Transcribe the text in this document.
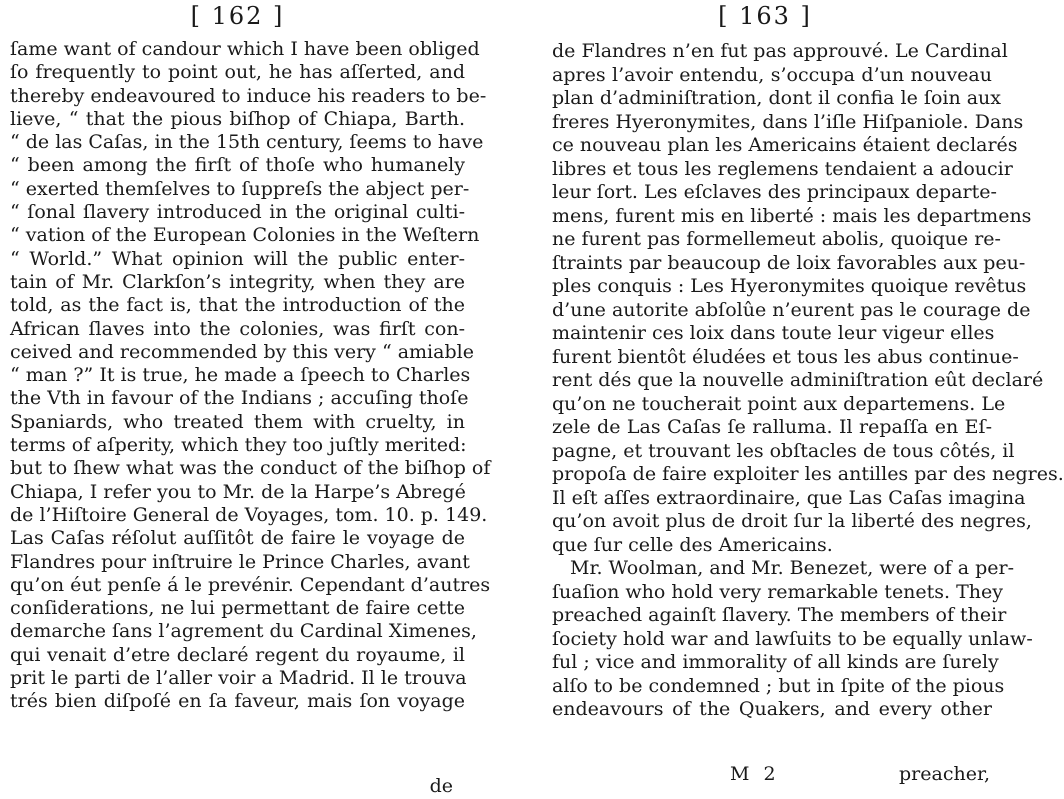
[ 162 ]
ſame want of candour which I have been obliged
ſo frequently to point out, he has aſſerted, and
thereby endeavoured to induce his readers to be-
lieve, “ that the pious biſhop of Chiapa, Barth.
“ de las Caſas, in the 15th century, ſeems to have
“ been among the firſt of thoſe who humanely
“ exerted themſelves to ſuppreſs the abject per-
“ ſonal ſlavery introduced in the original culti-
“ vation of the European Colonies in the Weſtern
“ World.” What opinion will the public enter-
tain of Mr. Clarkſon’s integrity, when they are
told, as the fact is, that the introduction of the
African ſlaves into the colonies, was firſt con-
ceived and recommended by this very “ amiable
“ man ?” It is true, he made a ſpeech to Charles
the Vth in favour of the Indians ; accuſing thoſe
Spaniards, who treated them with cruelty, in
terms of aſperity, which they too juſtly merited:
but to ſhew what was the conduct of the biſhop of
Chiapa, I refer you to Mr. de la Harpe’s Abregé
de l’Hiſtoire General de Voyages, tom. 10. p. 149.
Las Caſas réſolut auſſitôt de faire le voyage de
Flandres pour inſtruire le Prince Charles, avant
qu’on éut penſe á le prevénir. Cependant d’autres
conſiderations, ne lui permettant de faire cette
demarche ſans l’agrement du Cardinal Ximenes,
qui venait d’etre declaré regent du royaume, il
prit le parti de l’aller voir a Madrid. Il le trouva
trés bien diſpoſé en ſa faveur, mais ſon voyage
de
[ 163 ]
de Flandres n’en fut pas approuvé. Le Cardinal
apres l’avoir entendu, s’occupa d’un nouveau
plan d’adminiſtration, dont il confia le ſoin aux
freres Hyeronymites, dans l’iſle Hiſpaniole. Dans
ce nouveau plan les Americains étaient declarés
libres et tous les reglemens tendaient a adoucir
leur ſort. Les eſclaves des principaux departe-
mens, furent mis en liberté : mais les departmens
ne furent pas formellemeut abolis, quoique re-
ſtraints par beaucoup de loix favorables aux peu-
ples conquis : Les Hyeronymites quoique revêtus
d’une autorite abſolûe n’eurent pas le courage de
maintenir ces loix dans toute leur vigeur elles
furent bientôt éludées et tous les abus continue-
rent dés que la nouvelle adminiſtration eût declaré
qu’on ne toucherait point aux departemens. Le
zele de Las Caſas ſe ralluma. Il repaſſa en Eſ-
pagne, et trouvant les obſtacles de tous côtés, il
propoſa de faire exploiter les antilles par des negres.
Il eſt aſſes extraordinaire, que Las Caſas imagina
qu’on avoit plus de droit ſur la liberté des negres,
que ſur celle des Americains.
Mr. Woolman, and Mr. Benezet, were of a per-
ſuaſion who hold very remarkable tenets. They
preached againſt ſlavery. The members of their
ſociety hold war and lawſuits to be equally unlaw-
ful ; vice and immorality of all kinds are ſurely
alſo to be condemned ; but in ſpite of the pious
endeavours of the Quakers, and every other
M 2	preacher,
